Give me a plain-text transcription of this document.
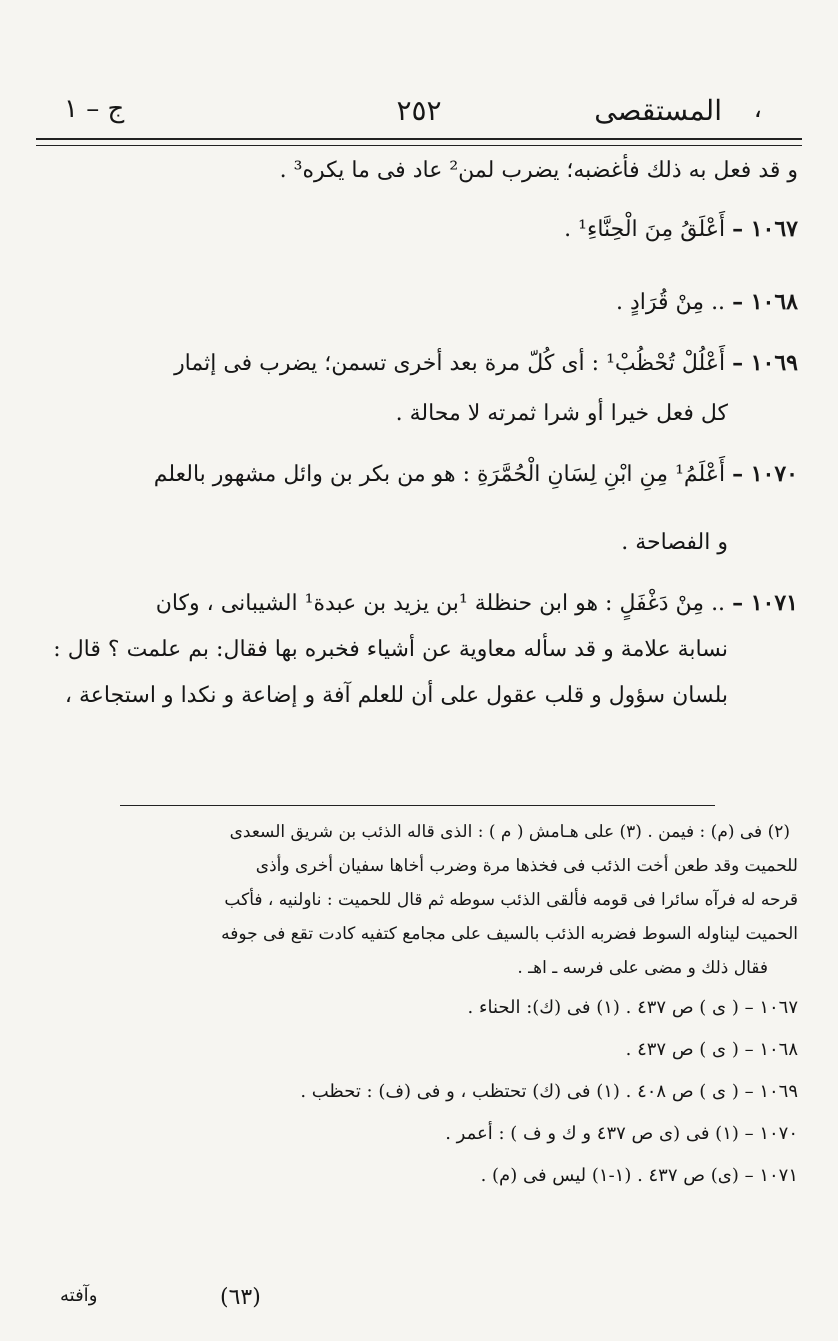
،
المستقصى
٢٥٢
ج – ١
و قد فعل به ذلك فأغضبه؛ يضرب لمن² عاد فى ما يكره³ .
١٠٦٧ – أَعْلَقُ مِنَ الْحِنَّاءِ¹ .
١٠٦٨ – .. مِنْ قُرَادٍ .
١٠٦٩ – أَعْلُلْ تُحْظُبْ¹ : أى كُلّ مرة بعد أخرى تسمن؛ يضرب فى إثمار
كل فعل خيرا أو شرا ثمرته لا محالة .
١٠٧٠ – أَعْلَمُ¹ مِنِ ابْنِ لِسَانِ الْحُمَّرَةِ : هو من بكر بن وائل مشهور بالعلم
و الفصاحة .
١٠٧١ – .. مِنْ دَغْفَلٍ : هو ابن حنظلة ¹بن يزيد بن عبدة¹ الشيبانى ، وكان
نسابة علامة و قد سأله معاوية عن أشياء فخبره بها فقال: بم علمت ؟ قال :
بلسان سؤول و قلب عقول على أن للعلم آفة و إضاعة و نكدا و استجاعة ،
(٢) فى (م) : فيمن . (٣) على هـامش ( م ) : الذى قاله الذئب بن شريق السعدى
للحميت وقد طعن أخت الذئب فى فخذها مرة وضرب أخاها سفيان أخرى وأذى
قرحه له فرآه سائرا فى قومه فألقى الذئب سوطه ثم قال للحميت : ناولنيه ، فأكب
الحميت ليناوله السوط فضربه الذئب بالسيف على مجامع كتفيه كادت تقع فى جوفه
فقال ذلك و مضى على فرسه ـ اهـ .
١٠٦٧ – ( ى ) ص ٤٣٧ . (١) فى (ك): الحناء .
١٠٦٨ – ( ى ) ص ٤٣٧ .
١٠٦٩ – ( ى ) ص ٤٠٨ . (١) فى (ك) تحتظب ، و فى (ف) : تحظب .
١٠٧٠ – (١) فى (ى ص ٤٣٧ و ك و ف ) : أعمر .
١٠٧١ – (ى) ص ٤٣٧ . (١-١) ليس فى (م) .
(٦٣)
وآفته
